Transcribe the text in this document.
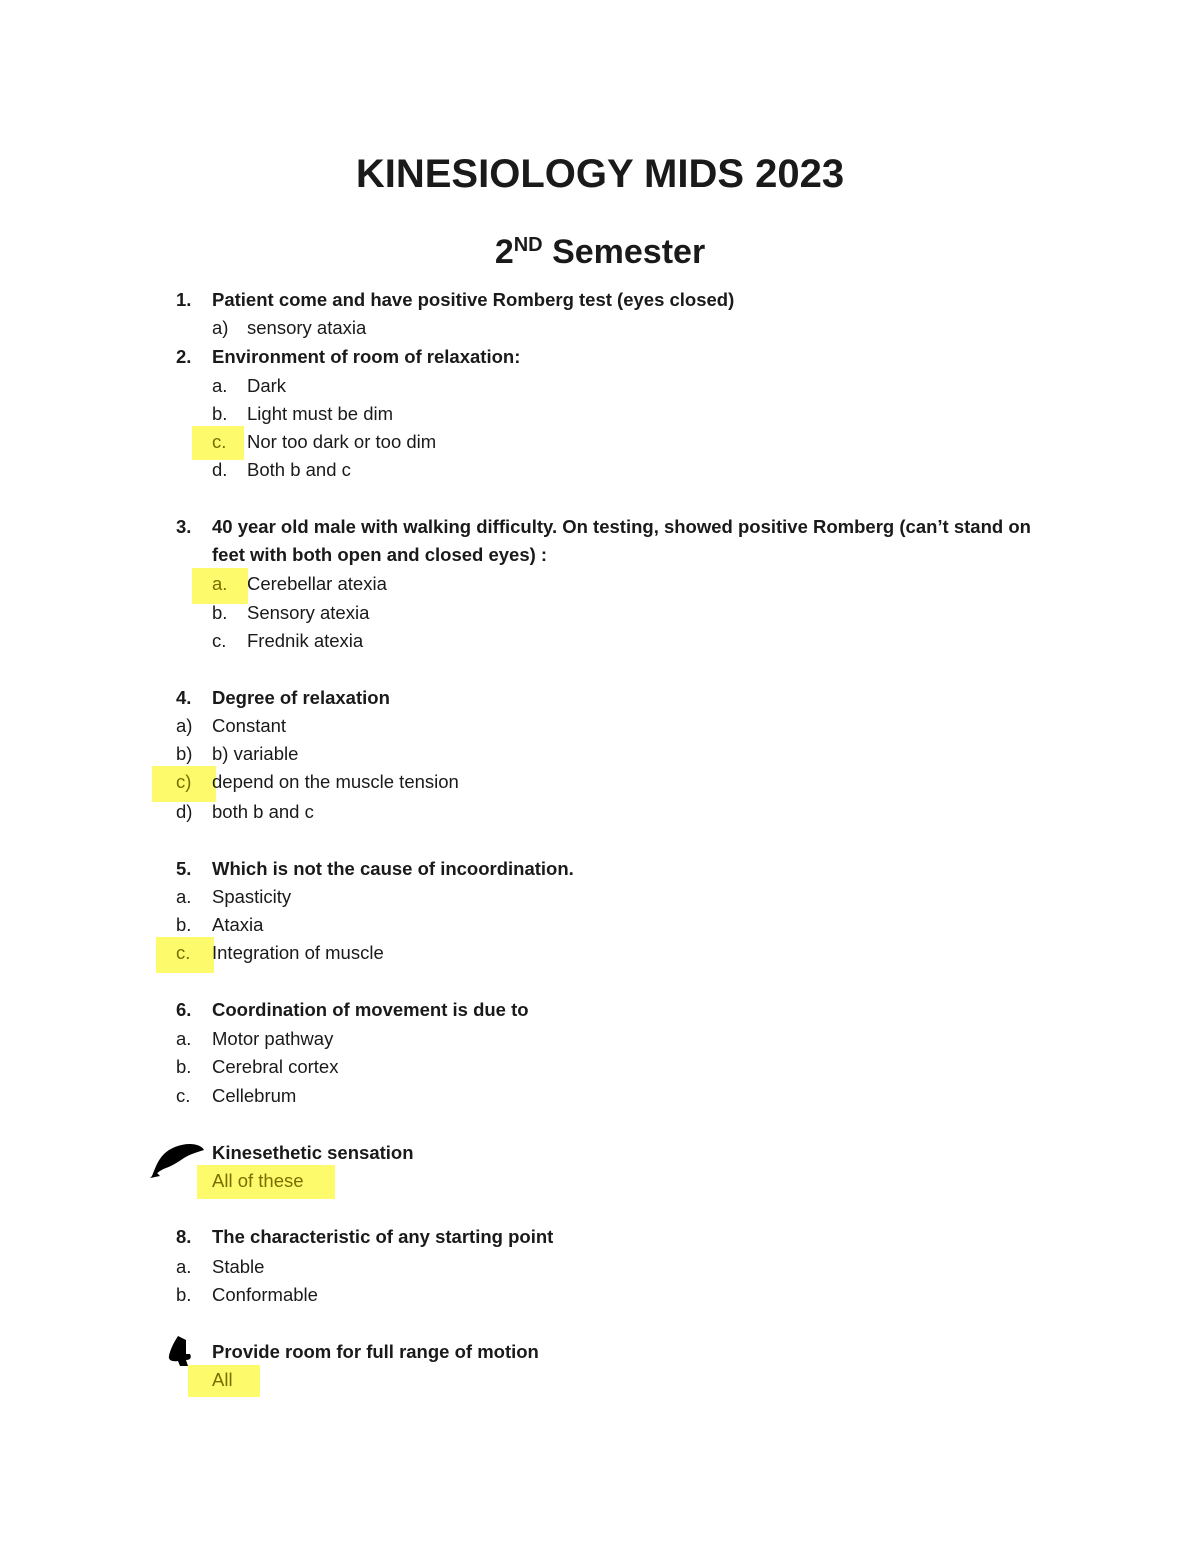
KINESIOLOGY MIDS 2023
2ND Semester
1. Patient come and have positive Romberg test (eyes closed)
a) sensory ataxia
2. Environment of room of relaxation:
a. Dark
b. Light must be dim
c. Nor too dark or too dim
d. Both b and c
3. 40 year old male with walking difficulty. On testing, showed positive Romberg (can’t stand on
feet with both open and closed eyes) :
a. Cerebellar atexia
b. Sensory atexia
c. Frednik atexia
4. Degree of relaxation
a) Constant
b) b) variable
c) depend on the muscle tension
d) both b and c
5. Which is not the cause of incoordination.
a. Spasticity
b. Ataxia
c. Integration of muscle
6. Coordination of movement is due to
a. Motor pathway
b. Cerebral cortex
c. Cellebrum
Kinesethetic sensation
All of these
8. The characteristic of any starting point
a. Stable
b. Conformable
Provide room for full range of motion
All
